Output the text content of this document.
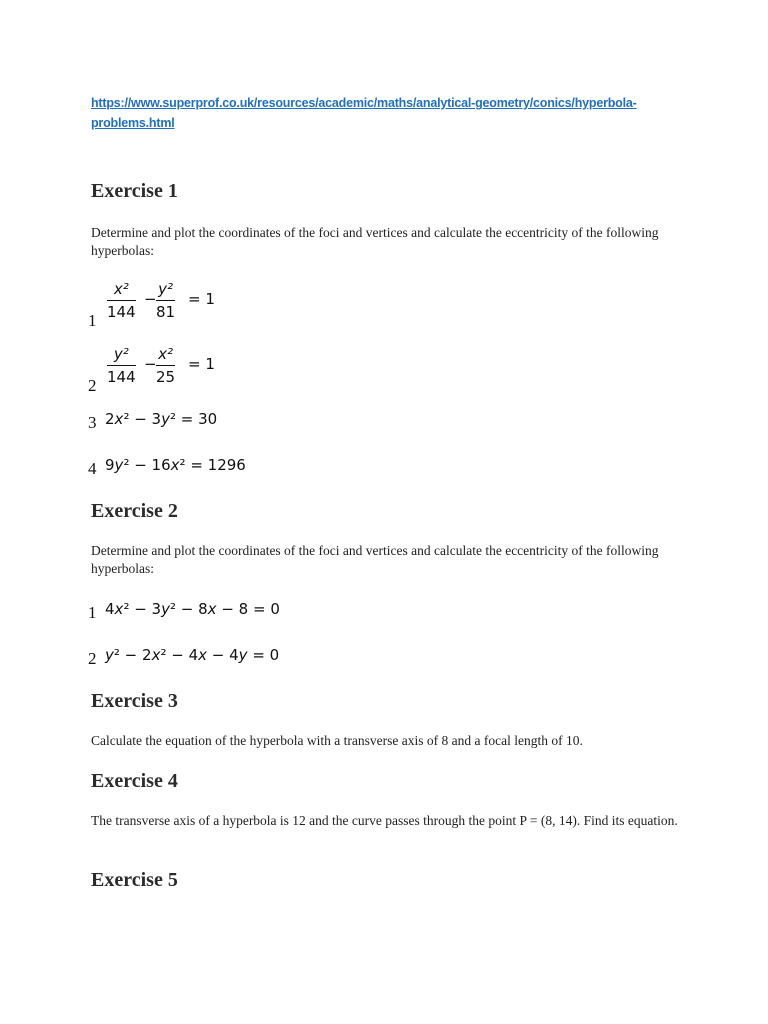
https://www.superprof.co.uk/resources/academic/maths/analytical-geometry/conics/hyperbola-problems.html
Exercise 1

Determine and plot the coordinates of the foci and vertices and calculate the eccentricity of the following hyperbolas:

1
x²
144
−
y²
81
= 1
2
y²
144
−
x²
25
= 1
3 2x² − 3y² = 30
4 9y² − 16x² = 1296
Exercise 2

Determine and plot the coordinates of the foci and vertices and calculate the eccentricity of the following hyperbolas:

1 4x² − 3y² − 8x − 8 = 0
2 y² − 2x² − 4x − 4y = 0
Exercise 3

Calculate the equation of the hyperbola with a transverse axis of 8 and a focal length of 10.

Exercise 4

The transverse axis of a hyperbola is 12 and the curve passes through the point P = (8, 14). Find its equation.

Exercise 5
